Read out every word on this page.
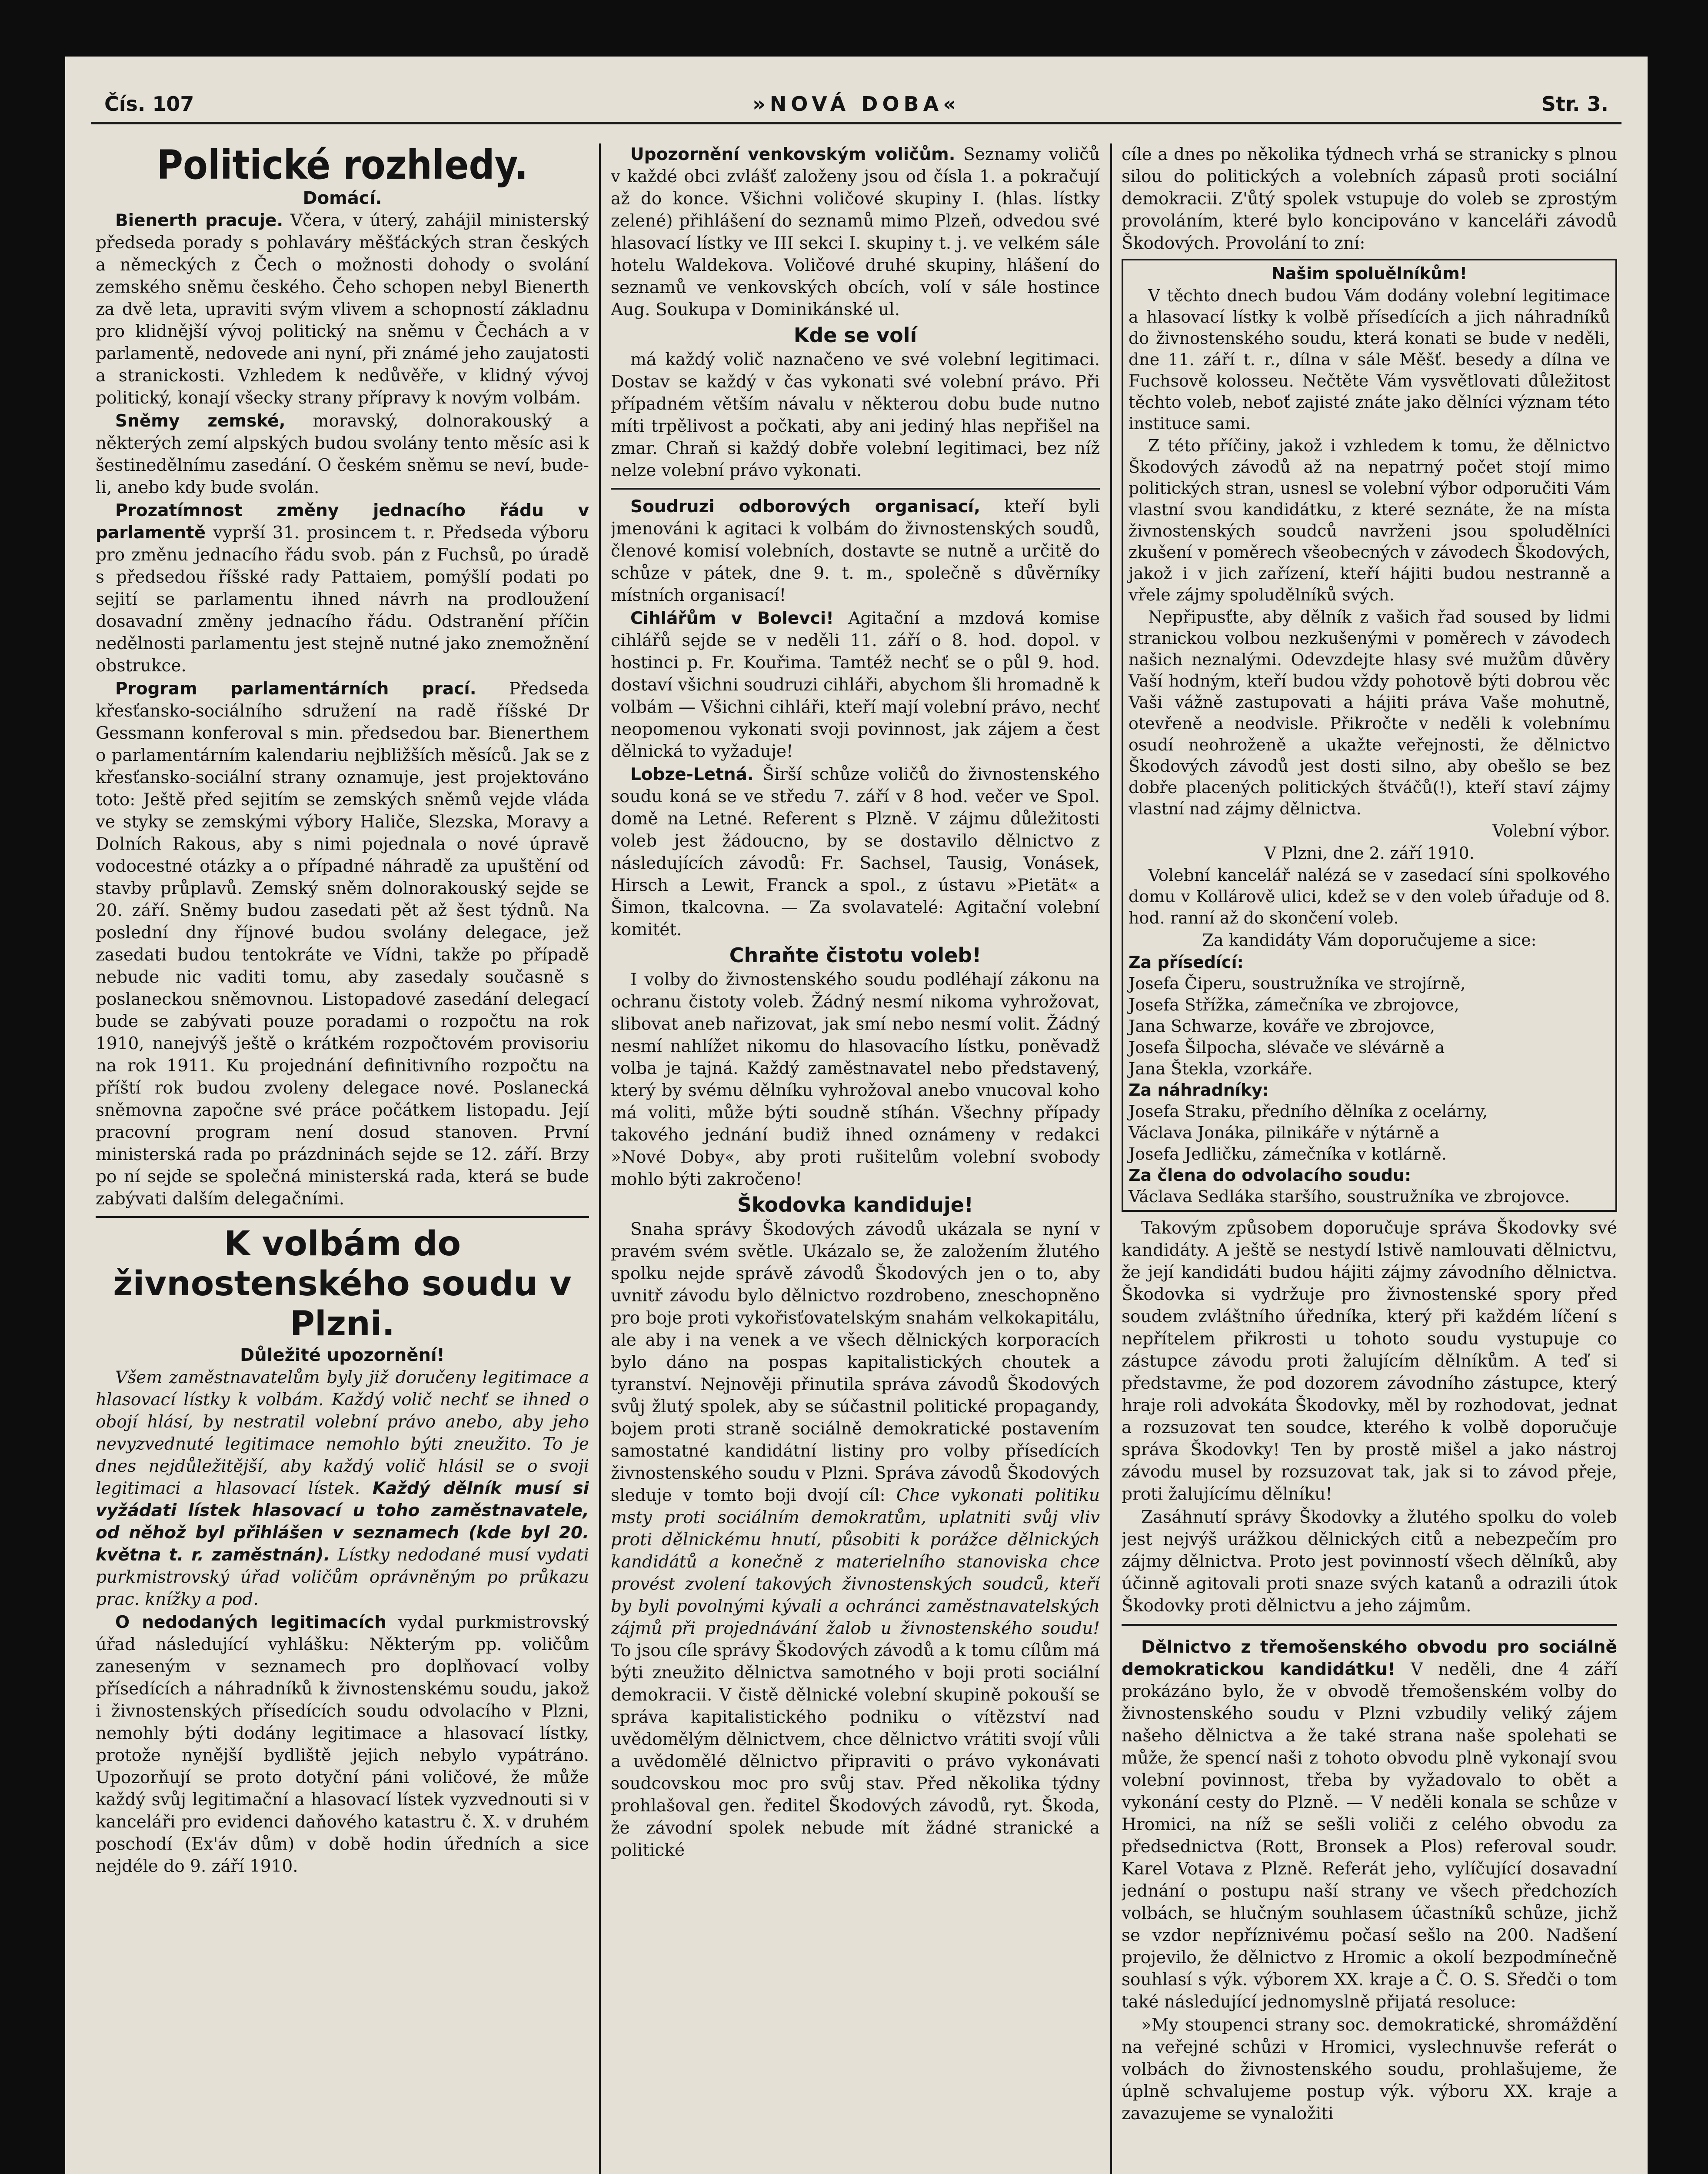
Čís. 107	»NOVÁ DOBA«	Str. 3.
Politické rozhledy.
Domácí.

Bienerth pracuje. Včera, v úterý, zahájil ministerský předseda porady s pohlaváry měšťáckých stran českých a německých z Čech o možnosti dohody o svolání zemského sněmu českého. Čeho schopen nebyl Bienerth za dvě leta, upraviti svým vlivem a schopností základnu pro klidnější vývoj politický na sněmu v Čechách a v parlamentě, nedovede ani nyní, při známé jeho zaujatosti a stranickosti. Vzhledem k nedůvěře, v klidný vývoj politický, konají všecky strany přípravy k novým volbám.

Sněmy zemské, moravský, dolnorakouský a některých zemí alpských budou svolány tento měsíc asi k šestinedělnímu zasedání. O českém sněmu se neví, bude-li, anebo kdy bude svolán.

Prozatímnost změny jednacího řádu v parlamentě vyprší 31. prosincem t. r. Předseda výboru pro změnu jednacího řádu svob. pán z Fuchsů, po úradě s předsedou říšské rady Pattaiem, pomýšlí podati po sejití se parlamentu ihned návrh na prodloužení dosavadní změny jednacího řádu. Odstranění příčin nedělnosti parlamentu jest stejně nutné jako znemožnění obstrukce.

Program parlamentárních prací. Předseda křesťansko-sociálního sdružení na radě říšské Dr Gessmann konferoval s min. předsedou bar. Bienerthem o parlamentárním kalendariu nejbližších měsíců. Jak se z křesťansko-sociální strany oznamuje, jest projektováno toto: Ještě před sejitím se zemských sněmů vejde vláda ve styky se zemskými výbory Haliče, Slezska, Moravy a Dolních Rakous, aby s nimi pojednala o nové úpravě vodocestné otázky a o případné náhradě za upuštění od stavby průplavů. Zemský sněm dolnorakouský sejde se 20. září. Sněmy budou zasedati pět až šest týdnů. Na poslední dny říjnové budou svolány delegace, jež zasedati budou tentokráte ve Vídni, takže po případě nebude nic vaditi tomu, aby zasedaly současně s poslaneckou sněmovnou. Listopadové zasedání delegací bude se zabývati pouze poradami o rozpočtu na rok 1910, nanejvýš ještě o krátkém rozpočtovém provisoriu na rok 1911. Ku projednání definitivního rozpočtu na příští rok budou zvoleny delegace nové. Poslanecká sněmovna započne své práce počátkem listopadu. Její pracovní program není dosud stanoven. První ministerská rada po prázdninách sejde se 12. září. Brzy po ní sejde se společná ministerská rada, která se bude zabývati dalším delegačními.

K volbám do živnostenského soudu v Plzni.
Důležité upozornění!

Všem zaměstnavatelům byly již doručeny legitimace a hlasovací lístky k volbám. Každý volič nechť se ihned o obojí hlásí, by nestratil volební právo anebo, aby jeho nevyzvednuté legitimace nemohlo býti zneužito. To je dnes nejdůležitější, aby každý volič hlásil se o svoji legitimaci a hlasovací lístek. Každý dělník musí si vyžádati lístek hlasovací u toho zaměstnavatele, od něhož byl přihlášen v seznamech (kde byl 20. května t. r. zaměstnán). Lístky nedodané musí vydati purkmistrovský úřad voličům oprávněným po průkazu prac. knížky a pod.

O nedodaných legitimacích vydal purkmistrovský úřad následující vyhlášku: Některým pp. voličům zaneseným v seznamech pro doplňovací volby přísedících a náhradníků k živnostenskému soudu, jakož i živnostenských přísedících soudu odvolacího v Plzni, nemohly býti dodány legitimace a hlasovací lístky, protože nynější bydliště jejich nebylo vypátráno. Upozorňují se proto dotyční páni voličové, že může každý svůj legitimační a hlasovací lístek vyzvednouti si v kanceláři pro evidenci daňového katastru č. X. v druhém poschodí (Ex'áv dům) v době hodin úředních a sice nejdéle do 9. září 1910.

Upozornění venkovským voličům. Seznamy voličů v každé obci zvlášť založeny jsou od čísla 1. a pokračují až do konce. Všichni voličové skupiny I. (hlas. lístky zelené) přihlášení do seznamů mimo Plzeň, odvedou své hlasovací lístky ve III sekci I. skupiny t. j. ve velkém sále hotelu Waldekova. Voličové druhé skupiny, hlášení do seznamů ve venkovských obcích, volí v sále hostince Aug. Soukupa v Dominikánské ul.

Kde se volí

má každý volič naznačeno ve své volební legitimaci. Dostav se každý v čas vykonati své volební právo. Při případném větším návalu v některou dobu bude nutno míti trpělivost a počkati, aby ani jediný hlas nepřišel na zmar. Chraň si každý dobře volební legitimaci, bez níž nelze volební právo vykonati.

Soudruzi odborových organisací, kteří byli jmenováni k agitaci k volbám do živnostenských soudů, členové komisí volebních, dostavte se nutně a určitě do schůze v pátek, dne 9. t. m., společně s důvěrníky místních organisací!

Cihlářům v Bolevci! Agitační a mzdová komise cihlářů sejde se v neděli 11. září o 8. hod. dopol. v hostinci p. Fr. Kouřima. Tamtéž nechť se o půl 9. hod. dostaví všichni soudruzi cihláři, abychom šli hromadně k volbám — Všichni cihláři, kteří mají volební právo, nechť neopomenou vykonati svoji povinnost, jak zájem a čest dělnická to vyžaduje!

Lobze-Letná. Širší schůze voličů do živnostenského soudu koná se ve středu 7. září v 8 hod. večer ve Spol. domě na Letné. Referent s Plzně. V zájmu důležitosti voleb jest žádoucno, by se dostavilo dělnictvo z následujících závodů: Fr. Sachsel, Tausig, Vonásek, Hirsch a Lewit, Franck a spol., z ústavu »Pietät« a Šimon, tkalcovna. — Za svolavatelé: Agitační volební komitét.

Chraňte čistotu voleb!

I volby do živnostenského soudu podléhají zákonu na ochranu čistoty voleb. Žádný nesmí nikoma vyhrožovat, slibovat aneb nařizovat, jak smí nebo nesmí volit. Žádný nesmí nahlížet nikomu do hlasovacího lístku, poněvadž volba je tajná. Každý zaměstnavatel nebo představený, který by svému dělníku vyhrožoval anebo vnucoval koho má voliti, může býti soudně stíhán. Všechny případy takového jednání budiž ihned oznámeny v redakci »Nové Doby«, aby proti rušitelům volební svobody mohlo býti zakročeno!

Škodovka kandiduje!

Snaha správy Škodových závodů ukázala se nyní v pravém svém světle. Ukázalo se, že založením žlutého spolku nejde správě závodů Škodových jen o to, aby uvnitř závodu bylo dělnictvo rozdrobeno, zneschopněno pro boje proti vykořisťovatelským snahám velkokapitálu, ale aby i na venek a ve všech dělnických korporacích bylo dáno na pospas kapitalistických choutek a tyranství. Nejnověji přinutila správa závodů Škodových svůj žlutý spolek, aby se súčastnil politické propagandy, bojem proti straně sociálně demokratické postavením samostatné kandidátní listiny pro volby přísedících živnostenského soudu v Plzni. Správa závodů Škodových sleduje v tomto boji dvojí cíl: Chce vykonati politiku msty proti sociálním demokratům, uplatniti svůj vliv proti dělnickému hnutí, působiti k porážce dělnických kandidátů a konečně z materielního stanoviska chce provést zvolení takových živnostenských soudců, kteří by byli povolnými kývali a ochránci zaměstnavatelských zájmů při projednávání žalob u živnostenského soudu! To jsou cíle správy Škodových závodů a k tomu cílům má býti zneužito dělnictva samotného v boji proti sociální demokracii. V čistě dělnické volební skupině pokouší se správa kapitalistického podniku o vítězství nad uvědomělým dělnictvem, chce dělnictvo vrátiti svojí vůli a uvědomělé dělnictvo připraviti o právo vykonávati soudcovskou moc pro svůj stav. Před několika týdny prohlašoval gen. ředitel Škodových závodů, ryt. Škoda, že závodní spolek nebude mít žádné stranické a politické

cíle a dnes po několika týdnech vrhá se stranicky s plnou silou do politických a volebních zápasů proti sociální demokracii. Z'ůtý spolek vstupuje do voleb se zprostým provoláním, které bylo koncipováno v kanceláři závodů Škodových. Provolání to zní:

Našim spoluělníkům!

V těchto dnech budou Vám dodány volební legitimace a hlasovací lístky k volbě přísedících a jich náhradníků do živnostenského soudu, která konati se bude v neděli, dne 11. září t. r., dílna v sále Měšť. besedy a dílna ve Fuchsově kolosseu. Nečtěte Vám vysvětlovati důležitost těchto voleb, neboť zajisté znáte jako dělníci význam této instituce sami.

Z této příčiny, jakož i vzhledem k tomu, že dělnictvo Škodových závodů až na nepatrný počet stojí mimo politických stran, usnesl se volební výbor odporučiti Vám vlastní svou kandidátku, z které seznáte, že na místa živnostenských soudců navrženi jsou spoludělníci zkušení v poměrech všeobecných v závodech Škodových, jakož i v jich zařízení, kteří hájiti budou nestranně a vřele zájmy spoludělníků svých.

Nepřipusťte, aby dělník z vašich řad soused by lidmi stranickou volbou nezkušenými v poměrech v závodech našich neznalými. Odevzdejte hlasy své mužům důvěry Vaší hodným, kteří budou vždy pohotově býti dobrou věc Vaši vážně zastupovati a hájiti práva Vaše mohutně, otevřeně a neodvisle. Přikročte v neděli k volebnímu osudí neohroženě a ukažte veřejnosti, že dělnictvo Škodových závodů jest dosti silno, aby obešlo se bez dobře placených politických štváčů(!), kteří staví zájmy vlastní nad zájmy dělnictva.

Volební výbor.

V Plzni, dne 2. září 1910.

Volební kancelář nalézá se v zasedací síni spolkového domu v Kollárově ulici, kdež se v den voleb úřaduje od 8. hod. ranní až do skončení voleb.

Za kandidáty Vám doporučujeme a sice:

Za přísedící:

Josefa Čiperu, soustružníka ve strojírně,

Josefa Střížka, zámečníka ve zbrojovce,

Jana Schwarze, kováře ve zbrojovce,

Josefa Šilpocha, slévače ve slévárně a

Jana Štekla, vzorkáře.

Za náhradníky:

Josefa Straku, předního dělníka z ocelárny,

Václava Jonáka, pilnikáře v nýtárně a

Josefa Jedličku, zámečníka v kotlárně.

Za člena do odvolacího soudu:

Václava Sedláka staršího, soustružníka ve zbrojovce.

Takovým způsobem doporučuje správa Škodovky své kandidáty. A ještě se nestydí lstivě namlouvati dělnictvu, že její kandidáti budou hájiti zájmy závodního dělnictva. Škodovka si vydržuje pro živnostenské spory před soudem zvláštního úředníka, který při každém líčení s nepřítelem přikrosti u tohoto soudu vystupuje co zástupce závodu proti žalujícím dělníkům. A teď si představme, že pod dozorem závodního zástupce, který hraje roli advokáta Škodovky, měl by rozhodovat, jednat a rozsuzovat ten soudce, kterého k volbě doporučuje správa Škodovky! Ten by prostě mišel a jako nástroj závodu musel by rozsuzovat tak, jak si to závod přeje, proti žalujícímu dělníku!

Zasáhnutí správy Škodovky a žlutého spolku do voleb jest nejvýš urážkou dělnických citů a nebezpečím pro zájmy dělnictva. Proto jest povinností všech dělníků, aby účinně agitovali proti snaze svých katanů a odrazili útok Škodovky proti dělnictvu a jeho zájmům.

Dělnictvo z třemošenského obvodu pro sociálně demokratickou kandidátku! V neděli, dne 4 září prokázáno bylo, že v obvodě třemošenském volby do živnostenského soudu v Plzni vzbudily veliký zájem našeho dělnictva a že také strana naše spolehati se může, že spencí naši z tohoto obvodu plně vykonají svou volební povinnost, třeba by vyžadovalo to obět a vykonání cesty do Plzně. — V neděli konala se schůze v Hromici, na níž se sešli voliči z celého obvodu za předsednictva (Rott, Bronsek a Plos) referoval soudr. Karel Votava z Plzně. Referát jeho, vylíčující dosavadní jednání o postupu naší strany ve všech předchozích volbách, se hlučným souhlasem účastníků schůze, jichž se vzdor nepříznivému počasí sešlo na 200. Nadšení projevilo, že dělnictvo z Hromic a okolí bezpodmínečně souhlasí s výk. výborem XX. kraje a Č. O. S. Sředči o tom také následující jednomyslně přijatá resoluce:

»My stoupenci strany soc. demokratické, shromáždění na veřejné schůzi v Hromici, vyslechnuvše referát o volbách do živnostenského soudu, prohlašujeme, že úplně schvalujeme postup výk. výboru XX. kraje a zavazujeme se vynaložiti
